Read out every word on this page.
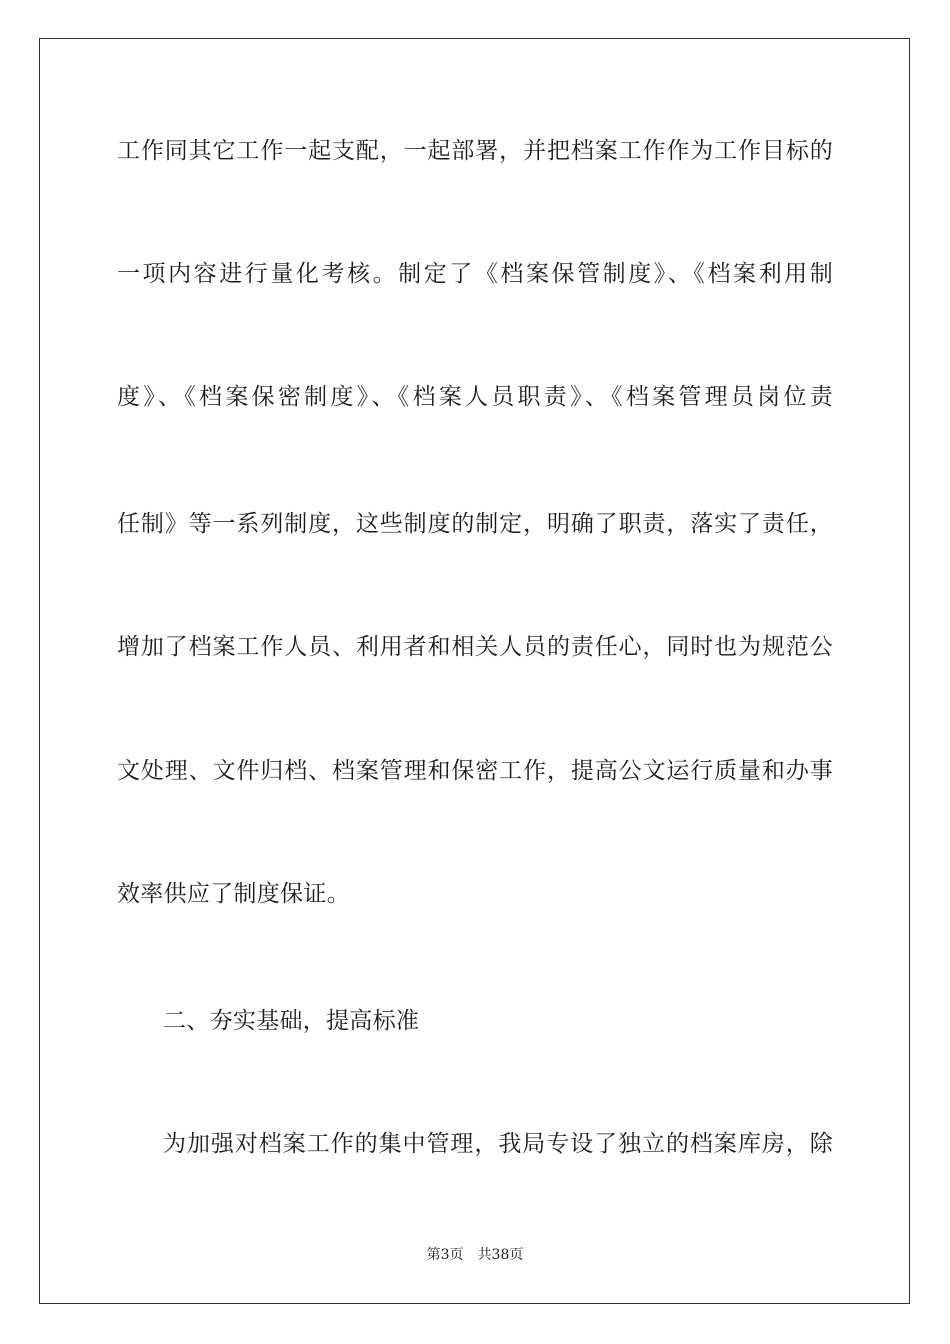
工作同其它工作一起支配，一起部署，并把档案工作作为工作目标的
一项内容进行量化考核。制定了《档案保管制度》、《档案利用制
度》、《档案保密制度》、《档案人员职责》、《档案管理员岗位责
任制》等一系列制度，这些制度的制定，明确了职责，落实了责任，
增加了档案工作人员、利用者和相关人员的责任心，同时也为规范公
文处理、文件归档、档案管理和保密工作，提高公文运行质量和办事
效率供应了制度保证。
二、夯实基础，提高标准
为加强对档案工作的集中管理，我局专设了独立的档案库房，除
第3页 共38页
